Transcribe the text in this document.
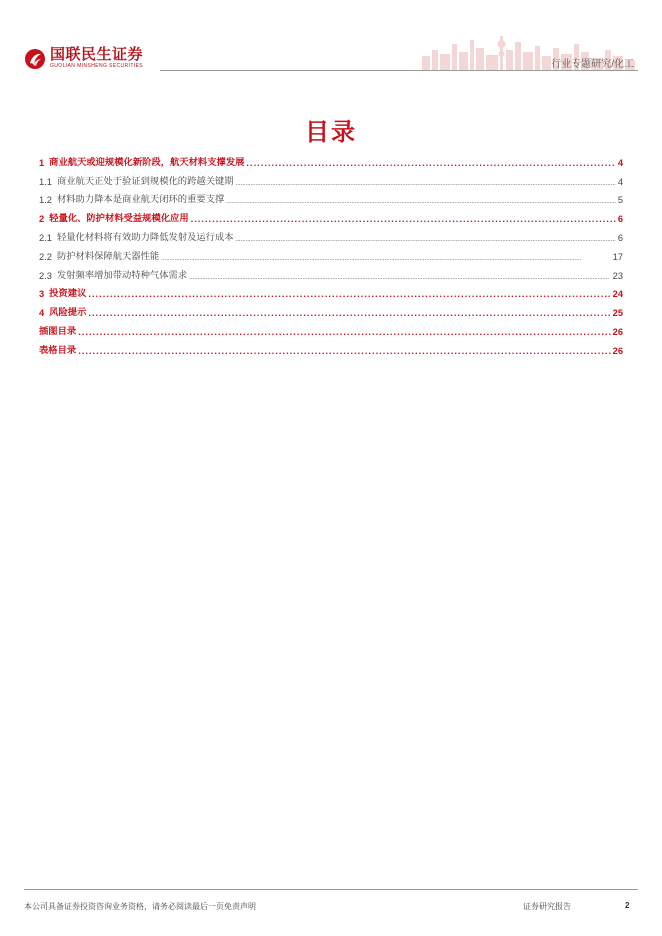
国联民生证券
GUOLIAN MINSHENG SECURITIES	行业专题研究/化工
目录
1 商业航天或迎规模化新阶段，航天材料支撑发展 .....	4
1.1 商业航天正处于验证到规模化的跨越关键期 .....	4
1.2 材料助力降本是商业航天闭环的重要支撑 .....	5
2 轻量化、防护材料受益规模化应用 .....	6
2.1 轻量化材料将有效助力降低发射及运行成本 .....	6
2.2 防护材料保障航天器性能 .....	17
2.3 发射频率增加带动特种气体需求 .....	23
3 投资建议 .....	24
4 风险提示 .....	25
插图目录 .....	26
表格目录 .....	26
本公司具备证券投资咨询业务资格，请务必阅读最后一页免责声明	证券研究报告	2
